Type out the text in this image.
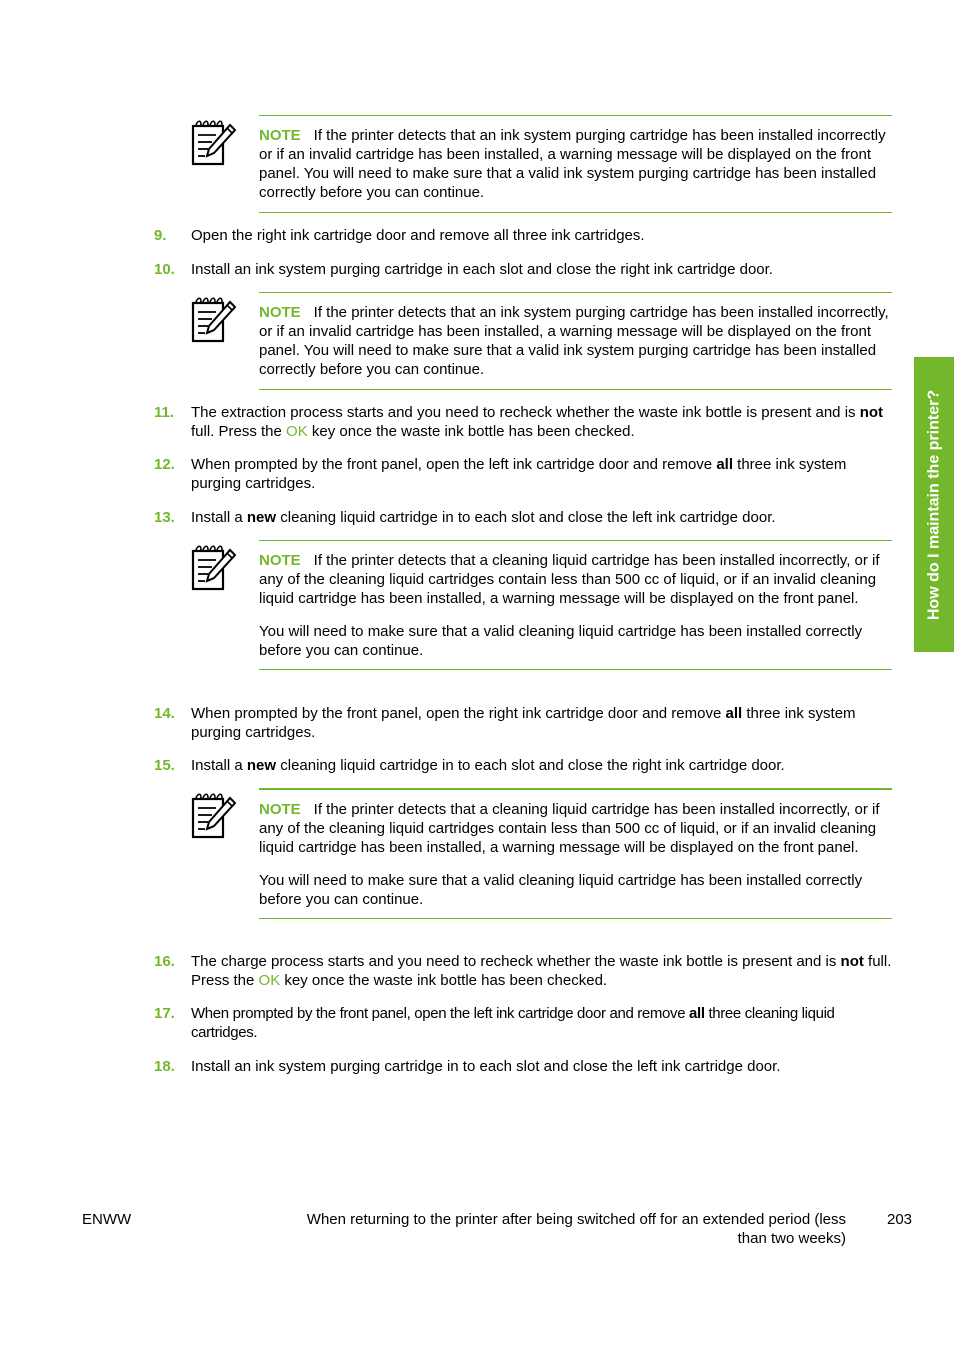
NOTE If the printer detects that an ink system purging cartridge has been installed incorrectly or if an invalid cartridge has been installed, a warning message will be displayed on the front panel. You will need to make sure that a valid ink system purging cartridge has been installed correctly before you can continue.

9. Open the right ink cartridge door and remove all three ink cartridges.
10. Install an ink system purging cartridge in each slot and close the right ink cartridge door.

NOTE If the printer detects that an ink system purging cartridge has been installed incorrectly, or if an invalid cartridge has been installed, a warning message will be displayed on the front panel. You will need to make sure that a valid ink system purging cartridge has been installed correctly before you can continue.

11. The extraction process starts and you need to recheck whether the waste ink bottle is present and is not full. Press the OK key once the waste ink bottle has been checked.
12. When prompted by the front panel, open the left ink cartridge door and remove all three ink system purging cartridges.
13. Install a new cleaning liquid cartridge in to each slot and close the left ink cartridge door.

NOTE If the printer detects that a cleaning liquid cartridge has been installed incorrectly, or if any of the cleaning liquid cartridges contain less than 500 cc of liquid, or if an invalid cleaning liquid cartridge has been installed, a warning message will be displayed on the front panel.

You will need to make sure that a valid cleaning liquid cartridge has been installed correctly before you can continue.

14. When prompted by the front panel, open the right ink cartridge door and remove all three ink system purging cartridges.
15. Install a new cleaning liquid cartridge in to each slot and close the right ink cartridge door.

NOTE If the printer detects that a cleaning liquid cartridge has been installed incorrectly, or if any of the cleaning liquid cartridges contain less than 500 cc of liquid, or if an invalid cleaning liquid cartridge has been installed, a warning message will be displayed on the front panel.

You will need to make sure that a valid cleaning liquid cartridge has been installed correctly before you can continue.

16. The charge process starts and you need to recheck whether the waste ink bottle is present and is not full. Press the OK key once the waste ink bottle has been checked.
17. When prompted by the front panel, open the left ink cartridge door and remove all three cleaning liquid cartridges.
18. Install an ink system purging cartridge in to each slot and close the left ink cartridge door.
How do I maintain the printer?
ENWW	When returning to the printer after being switched off for an extended period (less
than two weeks)
203
